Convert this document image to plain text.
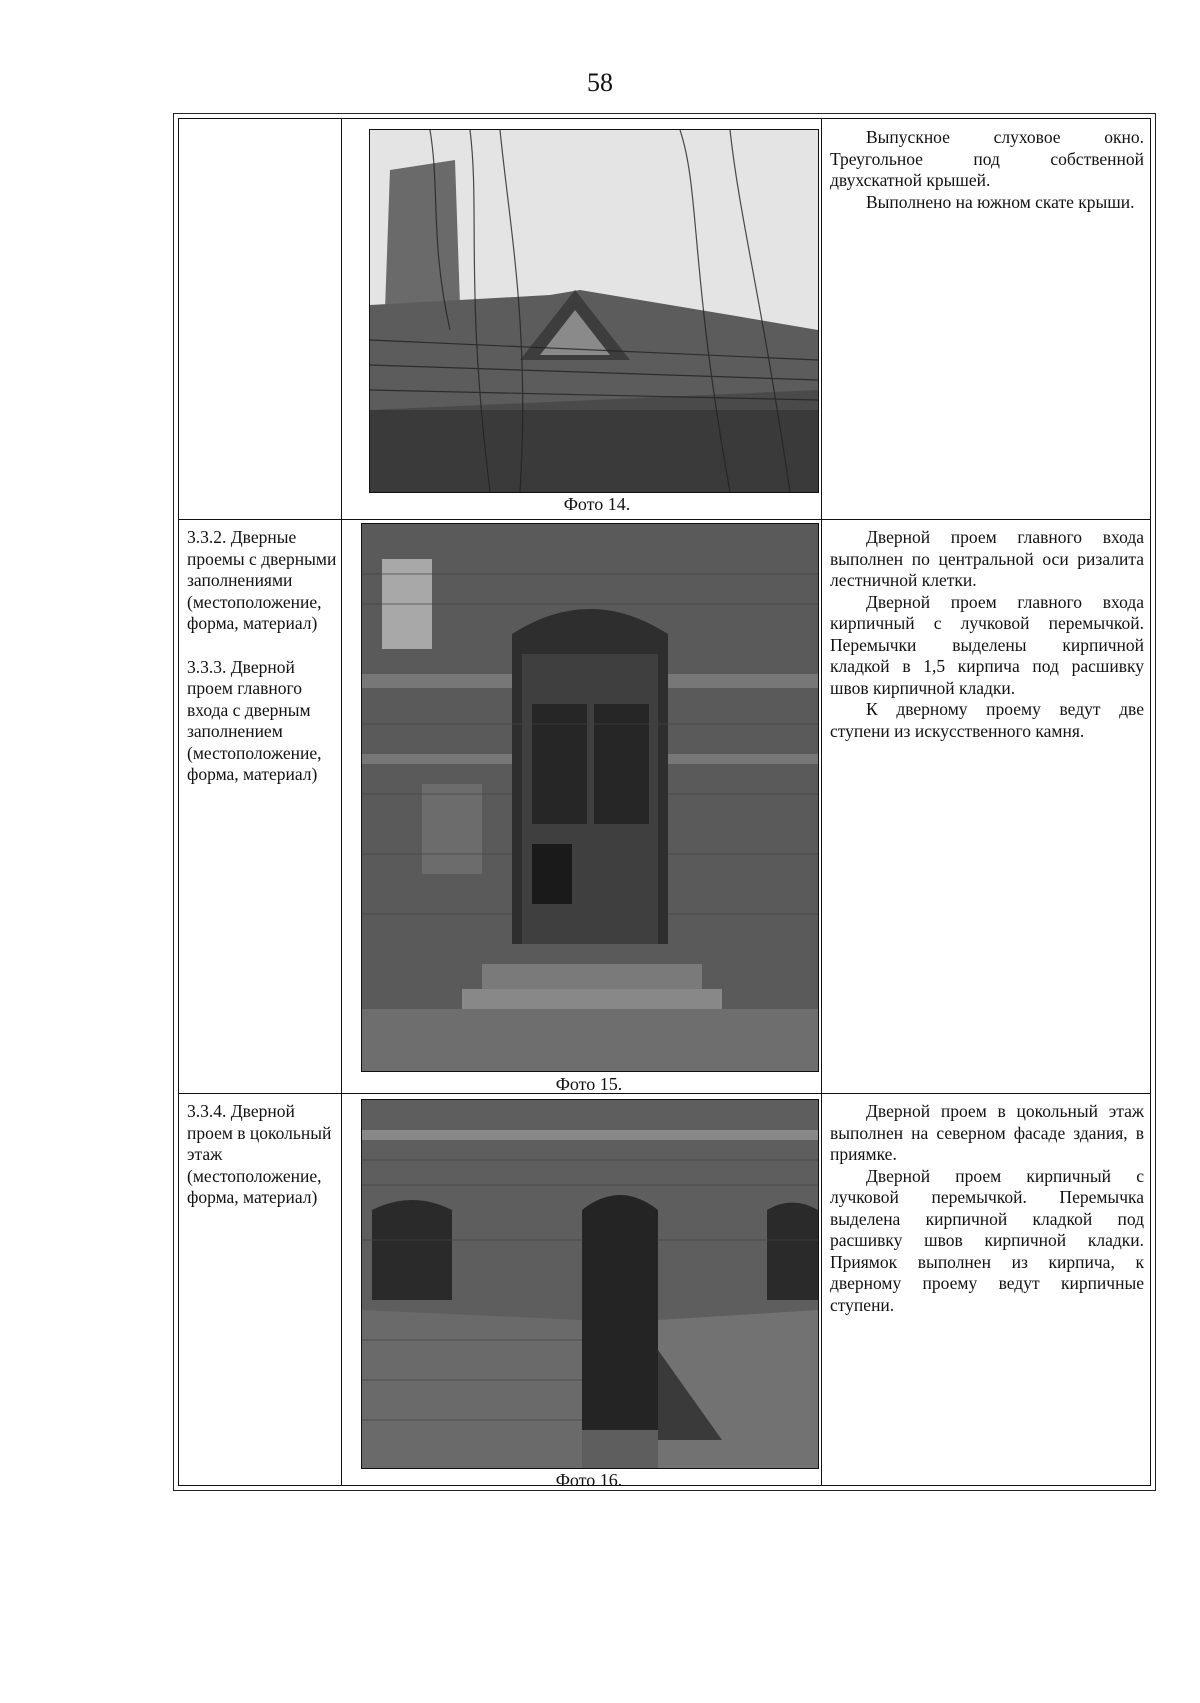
58
Фото 14.

Выпускное слуховое окно. Треугольное под собственной двухскатной крышей.

Выполнено на южном скате крыши.

3.3.2. Дверные проемы с дверными заполнениями (местоположение, форма, материал)

3.3.3. Дверной проем главного входа с дверным заполнением (местоположение, форма, материал)

Фото 15.

Дверной проем главного входа выполнен по центральной оси ризалита лестничной клетки.

Дверной проем главного входа кирпичный с лучковой перемычкой. Перемычки выделены кирпичной кладкой в 1,5 кирпича под расшивку швов кирпичной кладки.

К дверному проему ведут две ступени из искусственного камня.

3.3.4. Дверной проем в цокольный этаж (местоположение, форма, материал)

Фото 16.

Дверной проем в цокольный этаж выполнен на северном фасаде здания, в приямке.

Дверной проем кирпичный с лучковой перемычкой. Перемычка выделена кирпичной кладкой под расшивку швов кирпичной кладки. Приямок выполнен из кирпича, к дверному проему ведут кирпичные ступени.
